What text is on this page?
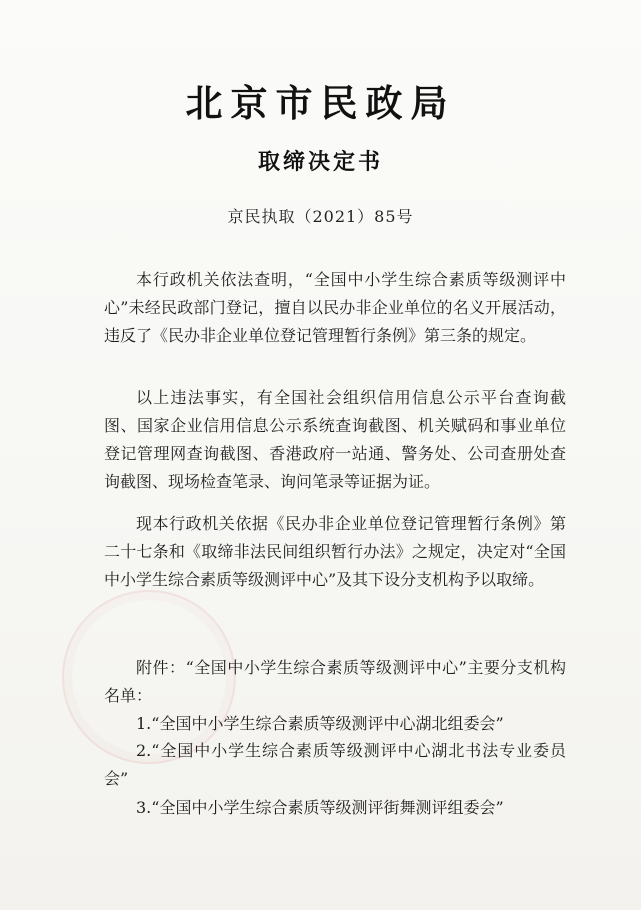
北京市民政局
取缔决定书
京民执取（2021）85号
本行政机关依法查明，“全国中小学生综合素质等级测评中心”未经民政部门登记，擅自以民办非企业单位的名义开展活动，违反了《民办非企业单位登记管理暂行条例》第三条的规定。
以上违法事实，有全国社会组织信用信息公示平台查询截图、国家企业信用信息公示系统查询截图、机关赋码和事业单位登记管理网查询截图、香港政府一站通、警务处、公司查册处查询截图、现场检查笔录、询问笔录等证据为证。
现本行政机关依据《民办非企业单位登记管理暂行条例》第二十七条和《取缔非法民间组织暂行办法》之规定，决定对“全国中小学生综合素质等级测评中心”及其下设分支机构予以取缔。
附件：“全国中小学生综合素质等级测评中心”主要分支机构名单：
1.“全国中小学生综合素质等级测评中心湖北组委会”
2.“全国中小学生综合素质等级测评中心湖北书法专业委员会”
3.“全国中小学生综合素质等级测评街舞测评组委会”
